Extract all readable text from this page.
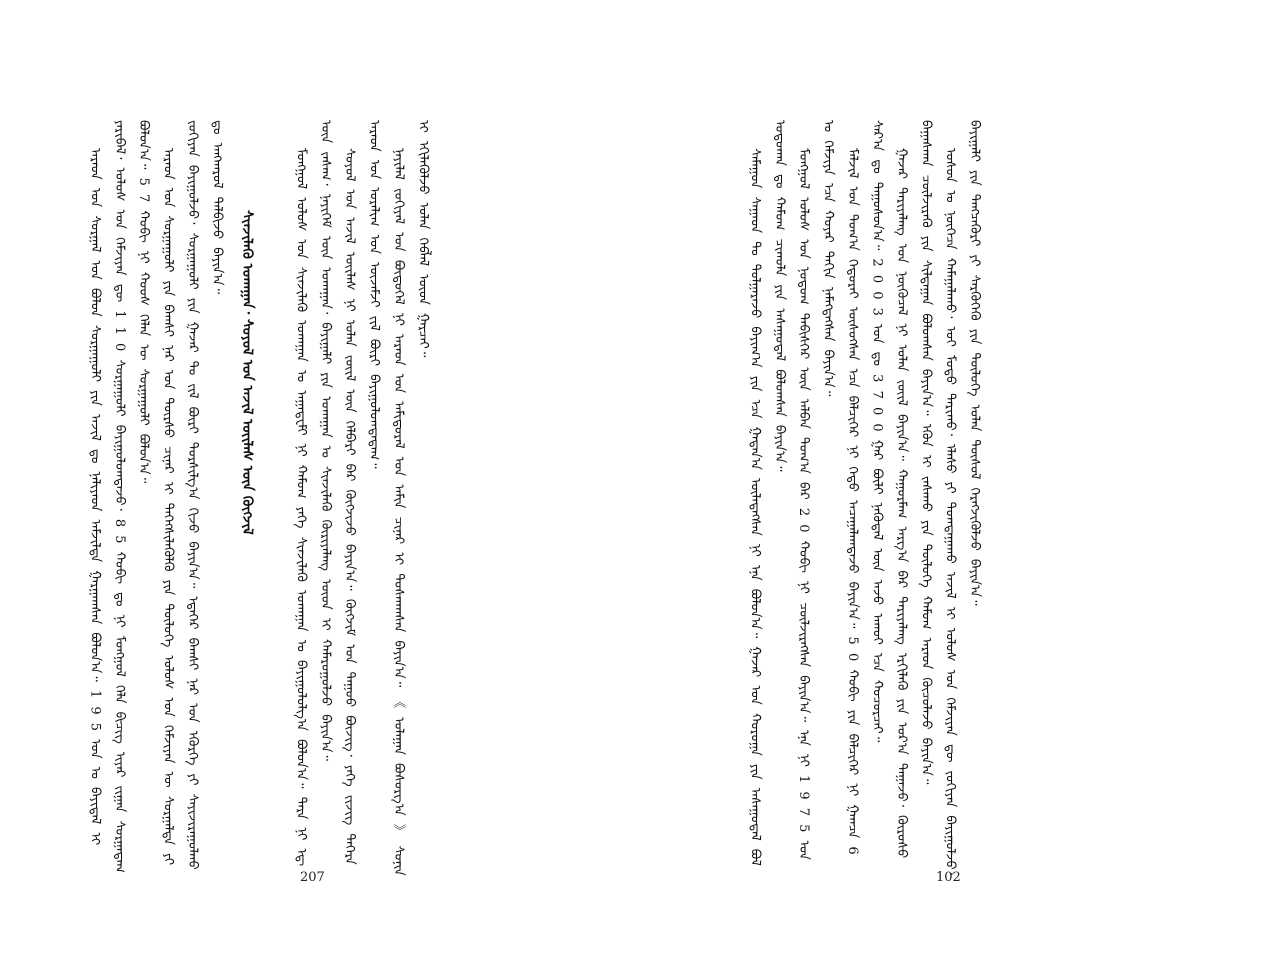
ᠠᠷᠠᠳ ᠤᠨ ᠰᠤᠷᠭᠠᠯ ᠤᠨ ᠪᠤᠯᠤᠨ ᠰᠤᠷᠭᠠᠭᠤᠯᠢ ᠶᠢᠨ ᠠᠵᠢᠯ ᠳᠤ ᠨᠡᠯᠢᠶᠡᠳ ᠠᠮᠵᠢᠯᠲᠠ ᠭᠠᠷᠭᠠᠭᠰᠠᠨ ᠪᠣᠯᠤᠨ᠎ᠠ᠃ 1 9 5 ᠣᠨ ᠤ ᠪᠠᠶᠢᠳᠠᠯ ᠢ ᠶᠠᠷᠢᠪᠠᠯ᠂ ᠤᠯᠤᠰ ᠤᠨ ᠬᠡᠮᠵᠢᠶᠡᠨ ᠳᠦ 1 1 0 ᠰᠤᠷᠭᠠᠭᠤᠯᠢ ᠪᠠᠶᠢᠭᠤᠯᠤᠭᠳᠠᠵᠤ᠂ 8 5 ᠬᠤᠪᠢ ᠳᠤ ᠨᠢ ᠮᠣᠩᠭᠣᠯ ᠬᠡᠯᠡ ᠪᠢᠴᠢᠭ ᠢᠶᠡᠷ ᠵᠢᠭᠠᠨ ᠰᠤᠷᠭᠠᠳᠠᠭ ᠪᠣᠯᠤᠨ᠎ᠠ᠃ 5 7 ᠬᠤᠪᠢ ᠨᠢ ᠬᠣᠣᠰ ᠬᠡᠯᠡᠨ ᠦ ᠰᠤᠷᠭᠠᠭᠤᠯᠢ ᠪᠣᠯᠤᠨ᠎ᠠ᠃ ᠠᠷᠠᠳ ᠤᠨ ᠰᠤᠷᠭᠠᠭᠤᠯᠢ ᠶᠢᠨ ᠪᠠᠭᠰᠢ ᠨᠠᠷ ᠤᠨ ᠳᠦᠷᠰᠦ ᠴᠢᠨᠠᠷ ᠢ ᠳᠡᠭᠡᠭᠰᠢᠯᠡᠭᠦᠯᠬᠦ ᠶᠢᠨ ᠲᠥᠯᠦᠭᠡ ᠤᠯᠤᠰ ᠤᠨ ᠬᠡᠮᠵᠢᠶᠡᠨ ᠦ ᠰᠤᠷᠭᠠᠯᠲᠠ ᠶᠢ ᠵᠣᠬᠢᠶᠠᠨ ᠪᠠᠶᠢᠭᠤᠯᠵᠤ᠂ ᠰᠤᠷᠭᠠᠭᠤᠯᠢ ᠶᠢᠨ ᠭᠠᠵᠠᠷ ᠲᠤ ᠵᠢᠯ ᠪᠦᠷᠢ ᠲᠤᠷᠰᠢᠯᠭ᠎ᠠ ᠬᠢᠵᠦ ᠪᠠᠶᠢᠨ᠎ᠠ᠃ ᠡᠳᠡᠭᠡᠷ ᠪᠠᠭᠰᠢ ᠨᠠᠷ ᠤᠨ ᠡᠭᠦᠷᠭᠡ ᠶᠢ ᠰᠠᠶᠢᠵᠢᠷᠠᠭᠤᠯᠬᠤ ᠳᠤ ᠠᠩᠬᠠᠷᠤᠯ ᠲᠠᠯᠪᠢᠵᠤ ᠪᠠᠶᠢᠨ᠎ᠠ᠃

ᠰᠢᠨᠵᠢᠯᠡᠬᠦ ᠤᠬᠠᠭᠠᠨ᠂ ᠰᠣᠶᠣᠯ ᠤᠨ ᠠᠵᠢᠯ ᠦᠢᠯᠡᠰ ᠦᠨ ᠬᠦᠭᠵᠢᠯ	ᠮᠣᠩᠭᠣᠯ ᠤᠯᠤᠰ ᠤᠨ ᠰᠢᠨᠵᠢᠯᠡᠬᠦ ᠤᠬᠠᠭᠠᠨ ᠤ ᠠᠭᠠᠳᠧᠮᠢ ᠨᠢ ᠬᠠᠮᠤᠭ ᠶᠡᠬᠡ ᠰᠢᠨᠵᠢᠯᠡᠬᠦ ᠤᠬᠠᠭᠠᠨ ᠤ ᠪᠠᠶᠢᠭᠤᠯᠤᠯᠭ᠎ᠠ ᠪᠣᠯᠤᠨ᠎ᠠ᠃ ᠲᠡᠷᠡ ᠨᠢ ᠡᠳ᠋ ᠦᠨ ᠵᠠᠰᠠᠭ᠂ ᠨᠡᠶᠢᠭᠡᠮ ᠦᠨ ᠤᠬᠠᠭᠠᠨ᠂ ᠪᠠᠶᠢᠭᠠᠯᠢ ᠶᠢᠨ ᠤᠬᠠᠭᠠᠨ ᠤ ᠰᠢᠨᠵᠢᠯᠡᠬᠦ ᠬᠦᠷᠢᠶᠡᠯᠡᠩ ᠦᠳ ᠢ ᠬᠠᠮᠠᠷᠤᠭᠤᠯᠵᠤ ᠪᠠᠶᠢᠨ᠎ᠠ᠃ ᠰᠣᠶᠣᠯ ᠤᠨ ᠠᠵᠢᠯ ᠦᠢᠯᠡᠰ ᠨᠢ ᠣᠯᠠᠨ ᠵᠦᠢᠯ ᠦᠨ ᠬᠡᠯᠪᠡᠷᠢ ᠪᠡᠷ ᠬᠦᠭᠵᠢᠵᠦ ᠪᠠᠶᠢᠨ᠎ᠠ᠃ ᠬᠥᠭᠵᠢᠮ ᠤᠨ ᠳᠠᠭᠤᠤ ᠪᠦᠵᠢᠭ᠂ ᠶᠡᠬᠡ ᠵᠢᠵᠢᠭ ᠳᠡᠭᠡᠷᠡ ᠠᠷᠠᠳ ᠤᠨ ᠤᠷᠠᠯᠢᠭ ᠤᠨ ᠦᠵᠡᠮᠵᠢ ᠵᠢᠯ ᠪᠦᠷᠢ ᠪᠠᠶᠢᠭᠤᠯᠤᠭᠳᠠᠳᠠᠭ᠃ ᠨᠡᠶᠢᠯᠡᠯ ᠵᠣᠬᠢᠶᠠᠯ ᠤᠨ ᠪᠦᠲᠦᠭᠡᠯ ᠨᠢ ᠠᠷᠠᠳ ᠤᠨ ᠠᠮᠢᠳᠤᠷᠠᠯ ᠤᠨ ᠠᠮᠢᠨ ᠴᠢᠨᠠᠷ ᠢ ᠲᠤᠰᠬᠠᠭᠰᠠᠨ ᠪᠠᠶᠢᠨ᠎ᠠ᠃ 《 ᠤᠯᠠᠭᠠᠨ ᠪᠤᠰᠤᠷᠭ᠎ᠠ 》 ᠰᠣᠨᠢᠨ ᠢ ᠡᠬᠢᠯᠡᠭᠦᠯᠵᠦ ᠣᠯᠠᠨ ᠬᠡᠪᠯᠡᠯ ᠦᠳ ᠭᠠᠷᠴᠠᠢ᠃

207

ᠰᠠᠮᠠᠭᠤᠨ ᠰᠠᠭᠠᠳ ᠲᠤ ᠲᠤᠯᠭᠠᠷᠠᠵᠤ ᠪᠠᠶᠢᠭ᠎ᠠ ᠶᠢᠨ ᠡᠴᠡ ᠭᠠᠳᠠᠨ᠎ᠠ ᠦᠯᠡᠳᠡᠭᠰᠡᠨ ᠨᠢ ᠡᠨᠡ ᠪᠣᠯᠤᠨ᠎ᠠ᠃ ᠭᠠᠵᠠᠷ ᠤᠨ ᠬᠣᠷᠣᠭᠠ ᠶᠢᠨ ᠠᠰᠠᠭᠤᠳᠠᠯ ᠪᠣᠯ ᠣᠳᠣᠬᠠᠨ ᠳᠤ ᠬᠠᠮᠤᠭ ᠴᠢᠬᠤᠯᠠ ᠶᠢᠨ ᠠᠰᠠᠭᠤᠳᠠᠯ ᠪᠣᠯᠤᠭᠰᠠᠨ ᠪᠠᠶᠢᠨ᠎ᠠ᠃ ᠮᠣᠩᠭᠣᠯ ᠤᠯᠤᠰ ᠤᠨ ᠨᠤᠲᠤᠭ ᠳᠡᠪᠢᠰᠬᠡᠷ ᠦᠨ ᠠᠯᠪᠠᠨ ᠲᠣᠭ᠎ᠠ ᠪᠡᠷ 2 0 ᠬᠤᠪᠢ ᠨᠢ ᠴᠥᠯᠵᠢᠷᠡᠭᠰᠡᠨ ᠪᠠᠶᠢᠨ᠎ᠠ᠃ ᠡᠨᠡ ᠨᠢ 1 9 7 5 ᠣᠨ ᠤ ᠬᠡᠮᠵᠢᠶᠡ ᠡᠴᠡ ᠬᠣᠶᠠᠷ ᠳᠠᠬᠢᠨ ᠨᠡᠮᠡᠭᠳᠡᠭᠰᠡᠨ ᠪᠠᠶᠢᠨ᠎ᠠ᠃ ᠮᠠᠯᠵᠢᠯ ᠤᠨ ᠲᠣᠭ᠎ᠠ ᠬᠡᠲᠦᠷᠡᠢ ᠥᠰᠦᠭᠰᠡᠨ ᠡᠴᠡ ᠪᠡᠯᠴᠢᠭᠡᠷ ᠨᠢ ᠬᠡᠲᠦ ᠠᠴᠠᠭᠠᠯᠠᠭᠳᠠᠵᠤ ᠪᠠᠶᠢᠨ᠎ᠠ᠃ 5 0 ᠬᠤᠪᠢ ᠶᠢᠨ ᠪᠡᠯᠴᠢᠭᠡᠷ ᠨᠢ ᠭᠠᠭᠴᠠ 6 ᠰᠠᠷ᠎ᠠ ᠳᠤ ᠳᠠᠭᠤᠰᠤᠨ᠎ᠠ᠃ 2 0 0 3 ᠣᠨ ᠳᠤ 3 7 0 0 ᠭᠠᠷ ᠪᠦᠯᠢ ᠨᠡᠬᠦᠳᠡᠯ ᠦᠨ ᠠᠵᠤ ᠠᠬᠤᠢ ᠡᠴᠡ ᠬᠣᠴᠣᠷᠴᠠᠢ᠃ ᠭᠠᠵᠠᠷ ᠲᠠᠷᠢᠶᠠᠯᠠᠩ ᠤᠨ ᠨᠥᠭᠦᠴᠡᠯ ᠨᠢ ᠣᠯᠠᠨ ᠵᠦᠢᠯ ᠪᠠᠶᠢᠨ᠎ᠠ᠃ ᠬᠠᠭᠤᠷᠮᠠᠭ ᠠᠷᠭ᠎ᠠ ᠪᠠᠷ ᠲᠠᠷᠢᠶᠠᠯᠠᠩ ᠡᠷᠬᠢᠯᠡᠬᠦ ᠶᠢᠨ ᠤᠷ᠎ᠠ ᠳᠠᠭᠠᠵᠤ᠂ ᠬᠥᠷᠥᠰᠦ ᠪᠠᠭᠠᠰᠬᠠᠨ ᠴᠥᠯᠵᠢᠷᠡᠬᠦ ᠶᠢᠨ ᠰᠢᠯᠳᠠᠭᠠᠨ ᠪᠣᠯᠤᠭᠰᠠᠨ ᠪᠠᠶᠢᠨ᠎ᠠ᠃ ᠡᠭᠦᠨ ᠢ ᠵᠠᠰᠠᠬᠤ ᠶᠢᠨ ᠲᠥᠯᠦᠭᠡ ᠬᠠᠮᠤᠭ ᠠᠷᠠᠳ ᠬᠦᠴᠦᠯᠡᠵᠦ ᠪᠠᠶᠢᠨ᠎ᠠ᠃ ᠤᠰᠤᠨ ᠤ ᠨᠥᠭᠡᠴᠡ ᠬᠠᠮᠠᠭᠠᠯᠠᠬᠤ᠂ ᠣᠢ ᠮᠣᠳᠤ ᠲᠠᠷᠢᠬᠤ᠂ ᠡᠯᠡᠰᠦ ᠶᠢ ᠲᠣᠭᠲᠠᠭᠠᠬᠤ ᠠᠵᠢᠯ ᠢ ᠤᠯᠤᠰ ᠤᠨ ᠬᠡᠮᠵᠢᠶᠡᠨ ᠳᠦ ᠵᠣᠬᠢᠶᠠᠨ ᠪᠠᠶᠢᠭᠤᠯᠵᠤ᠂ ᠪᠠᠶᠢᠭᠠᠯᠢ ᠶᠢᠨ ᠲᠡᠩᠴᠡᠭᠦᠷᠢ ᠶᠢ ᠰᠡᠷᠭᠦᠭᠡᠬᠦ ᠶᠢᠨ ᠲᠥᠯᠦᠭᠡ ᠣᠯᠠᠨ ᠲᠥᠰᠦᠯ ᠬᠡᠷᠡᠭᠵᠢᠭᠦᠯᠵᠦ ᠪᠠᠶᠢᠨ᠎ᠠ᠃

102
